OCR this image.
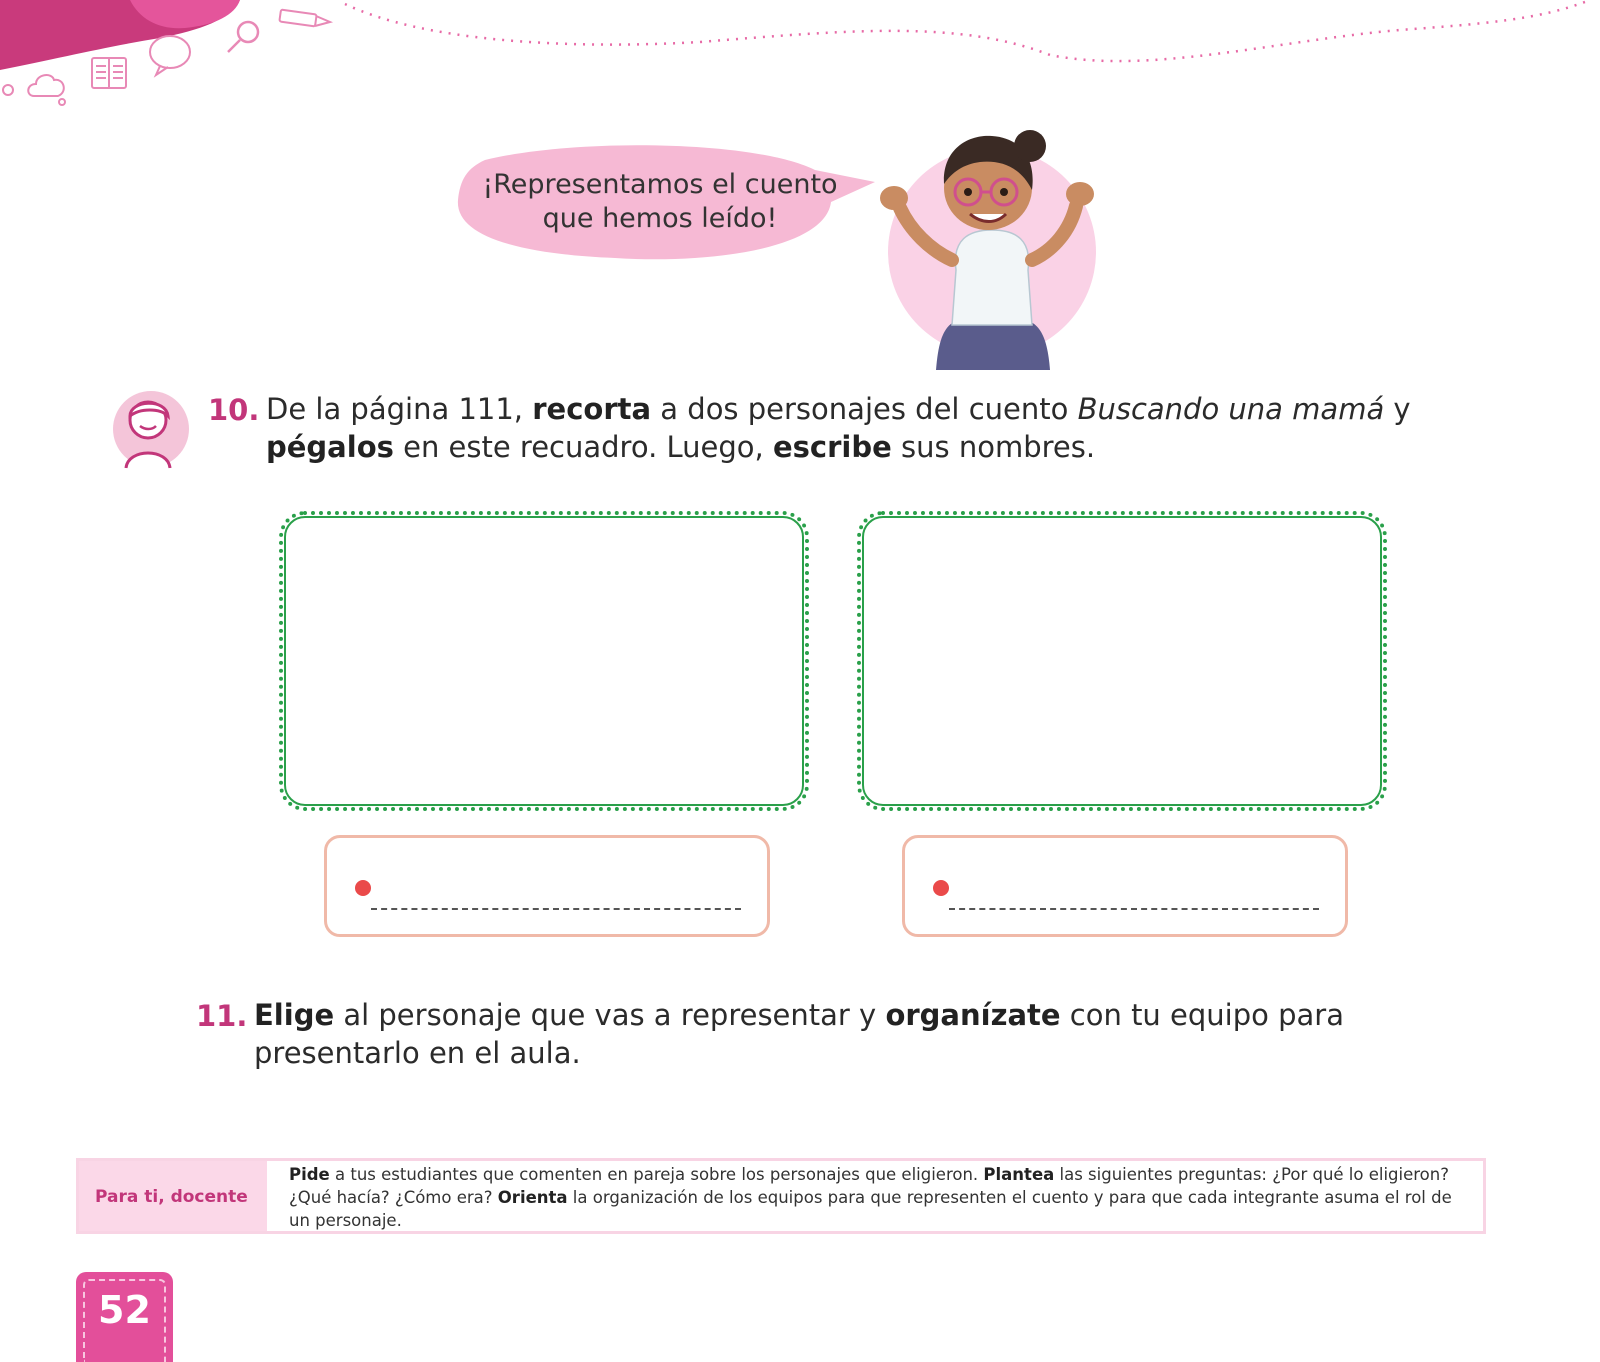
¡Representamos el cuento
que hemos leído!
10. De la página 111, recorta a dos personajes del cuento Buscando una mamá y
pégalos en este recuadro. Luego, escribe sus nombres.
11. Elige al personaje que vas a representar y organízate con tu equipo para
presentarlo en el aula.
Para ti, docente
Pide a tus estudiantes que comenten en pareja sobre los personajes que eligieron. Plantea las siguientes preguntas: ¿Por qué lo eligieron? ¿Qué hacía? ¿Cómo era? Orienta la organización de los equipos para que representen el cuento y para que cada integrante asuma el rol de un personaje.
52
